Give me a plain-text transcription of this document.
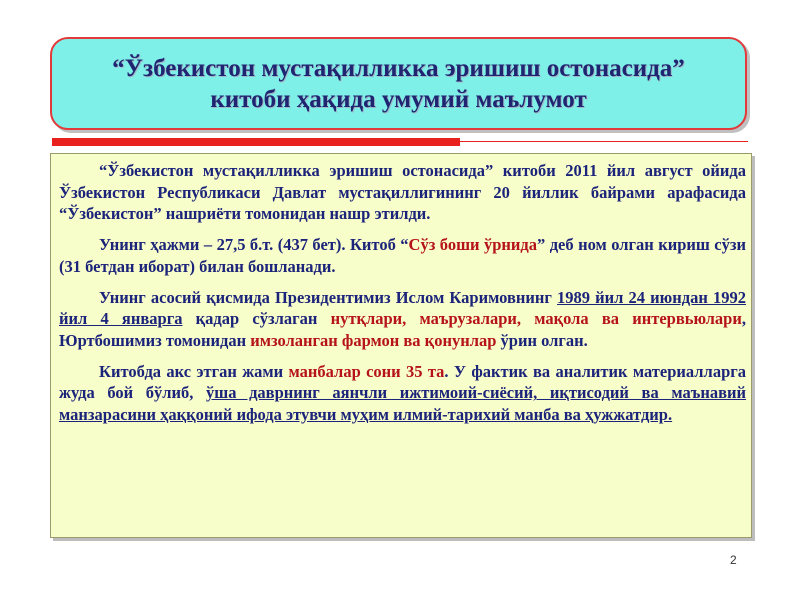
“Ўзбекистон мустақилликка эришиш остонасида”
китоби ҳақида умумий маълумот

“Ўзбекистон мустақилликка эришиш остонасида” китоби 2011 йил август ойида Ўзбекистон Республикаси Давлат мустақиллигининг 20 йиллик байрами арафасида “Ўзбекистон” нашриёти томонидан нашр этилди.

Унинг ҳажми – 27,5 б.т. (437 бет). Китоб “Сўз боши ўрнида” деб ном олган кириш сўзи (31 бетдан иборат) билан бошланади.

Унинг асосий қисмида Президентимиз Ислом Каримовнинг 1989 йил 24 июндан 1992 йил 4 январга қадар сўзлаган нутқлари, маърузалари, мақола ва интервьюлари, Юртбошимиз томонидан имзоланган фармон ва қонунлар ўрин олган.

Китобда акс этган жами манбалар сони 35 та. У фактик ва аналитик материалларга жуда бой бўлиб, ўша даврнинг аянчли ижтимоий-сиёсий, иқтисодий ва маънавий манзарасини ҳаққоний ифода этувчи муҳим илмий-тарихий манба ва ҳужжатдир.

2
